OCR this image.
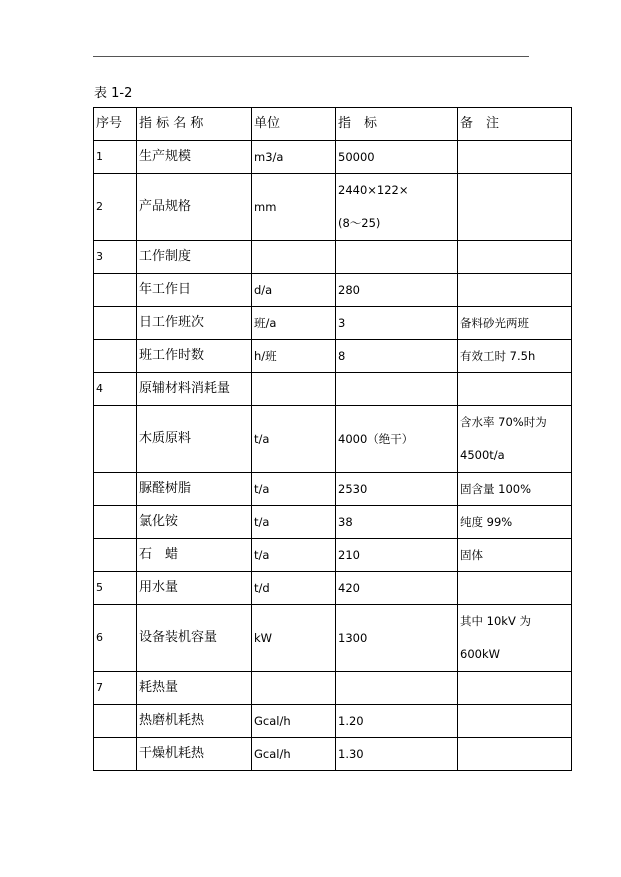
表 1-2
序号	指 标 名 称	单位	指　标	备　注
1	生产规模	m3/a	50000	
2	产品规格	mm	2440×122×
(8～25)	

3	工作制度			
	年工作日	d/a	280	
	日工作班次	班/a	3	备料砂光两班
	班工作时数	h/班	8	有效工时 7.5h
4	原辅材料消耗量			
	木质原料	t/a	4000（绝干）	含水率 70%时为
4500t/a

	脲醛树脂	t/a	2530	固含量 100%
	氯化铵	t/a	38	纯度 99%
	石　蜡	t/a	210	固体
5	用水量	t/d	420	
6	设备装机容量	kW	1300	其中 10kV 为
600kW

7	耗热量			
	热磨机耗热	Gcal/h	1.20	
	干燥机耗热	Gcal/h	1.30	
